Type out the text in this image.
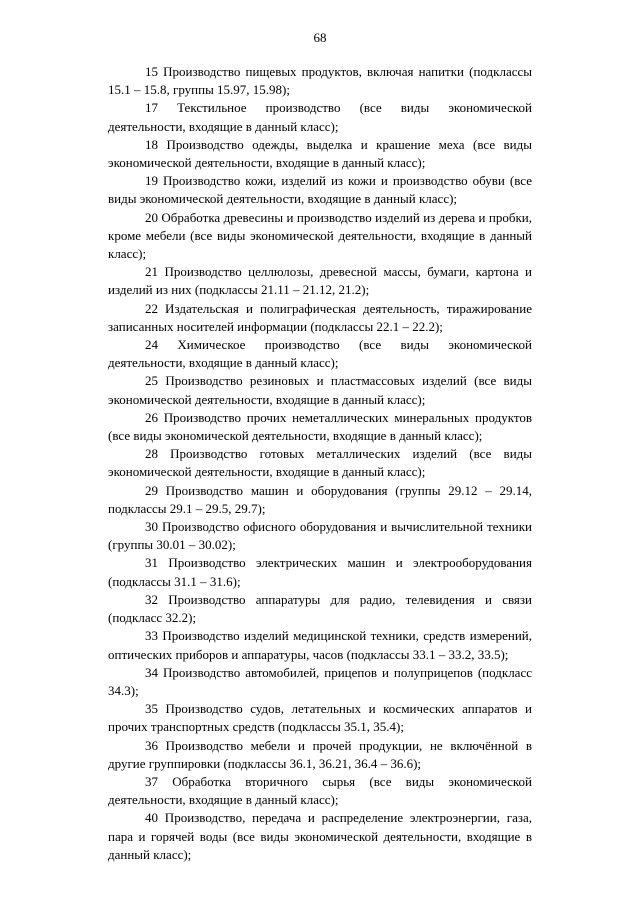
68

15 Производство пищевых продуктов, включая напитки (подклассы 15.1 – 15.8, группы 15.97, 15.98);

17 Текстильное производство (все виды экономической деятельности, входящие в данный класс);

18 Производство одежды, выделка и крашение меха (все виды экономической деятельности, входящие в данный класс);

19 Производство кожи, изделий из кожи и производство обуви (все виды экономической деятельности, входящие в данный класс);

20 Обработка древесины и производство изделий из дерева и пробки, кроме мебели (все виды экономической деятельности, входящие в данный класс);

21 Производство целлюлозы, древесной массы, бумаги, картона и изделий из них (подклассы 21.11 – 21.12, 21.2);

22 Издательская и полиграфическая деятельность, тиражирование записанных носителей информации (подклассы 22.1 – 22.2);

24 Химическое производство (все виды экономической деятельности, входящие в данный класс);

25 Производство резиновых и пластмассовых изделий (все виды экономической деятельности, входящие в данный класс);

26 Производство прочих неметаллических минеральных продуктов (все виды экономической деятельности, входящие в данный класс);

28 Производство готовых металлических изделий (все виды экономической деятельности, входящие в данный класс);

29 Производство машин и оборудования (группы 29.12 – 29.14, подклассы 29.1 – 29.5, 29.7);

30 Производство офисного оборудования и вычислительной техники (группы 30.01 – 30.02);

31 Производство электрических машин и электрооборудования (подклассы 31.1 – 31.6);

32 Производство аппаратуры для радио, телевидения и связи (подкласс 32.2);

33 Производство изделий медицинской техники, средств измерений, оптических приборов и аппаратуры, часов (подклассы 33.1 – 33.2, 33.5);

34 Производство автомобилей, прицепов и полуприцепов (подкласс 34.3);

35 Производство судов, летательных и космических аппаратов и прочих транспортных средств (подклассы 35.1, 35.4);

36 Производство мебели и прочей продукции, не включённой в другие группировки (подклассы 36.1, 36.21, 36.4 – 36.6);

37 Обработка вторичного сырья (все виды экономической деятельности, входящие в данный класс);

40 Производство, передача и распределение электроэнергии, газа, пара и горячей воды (все виды экономической деятельности, входящие в данный класс);
